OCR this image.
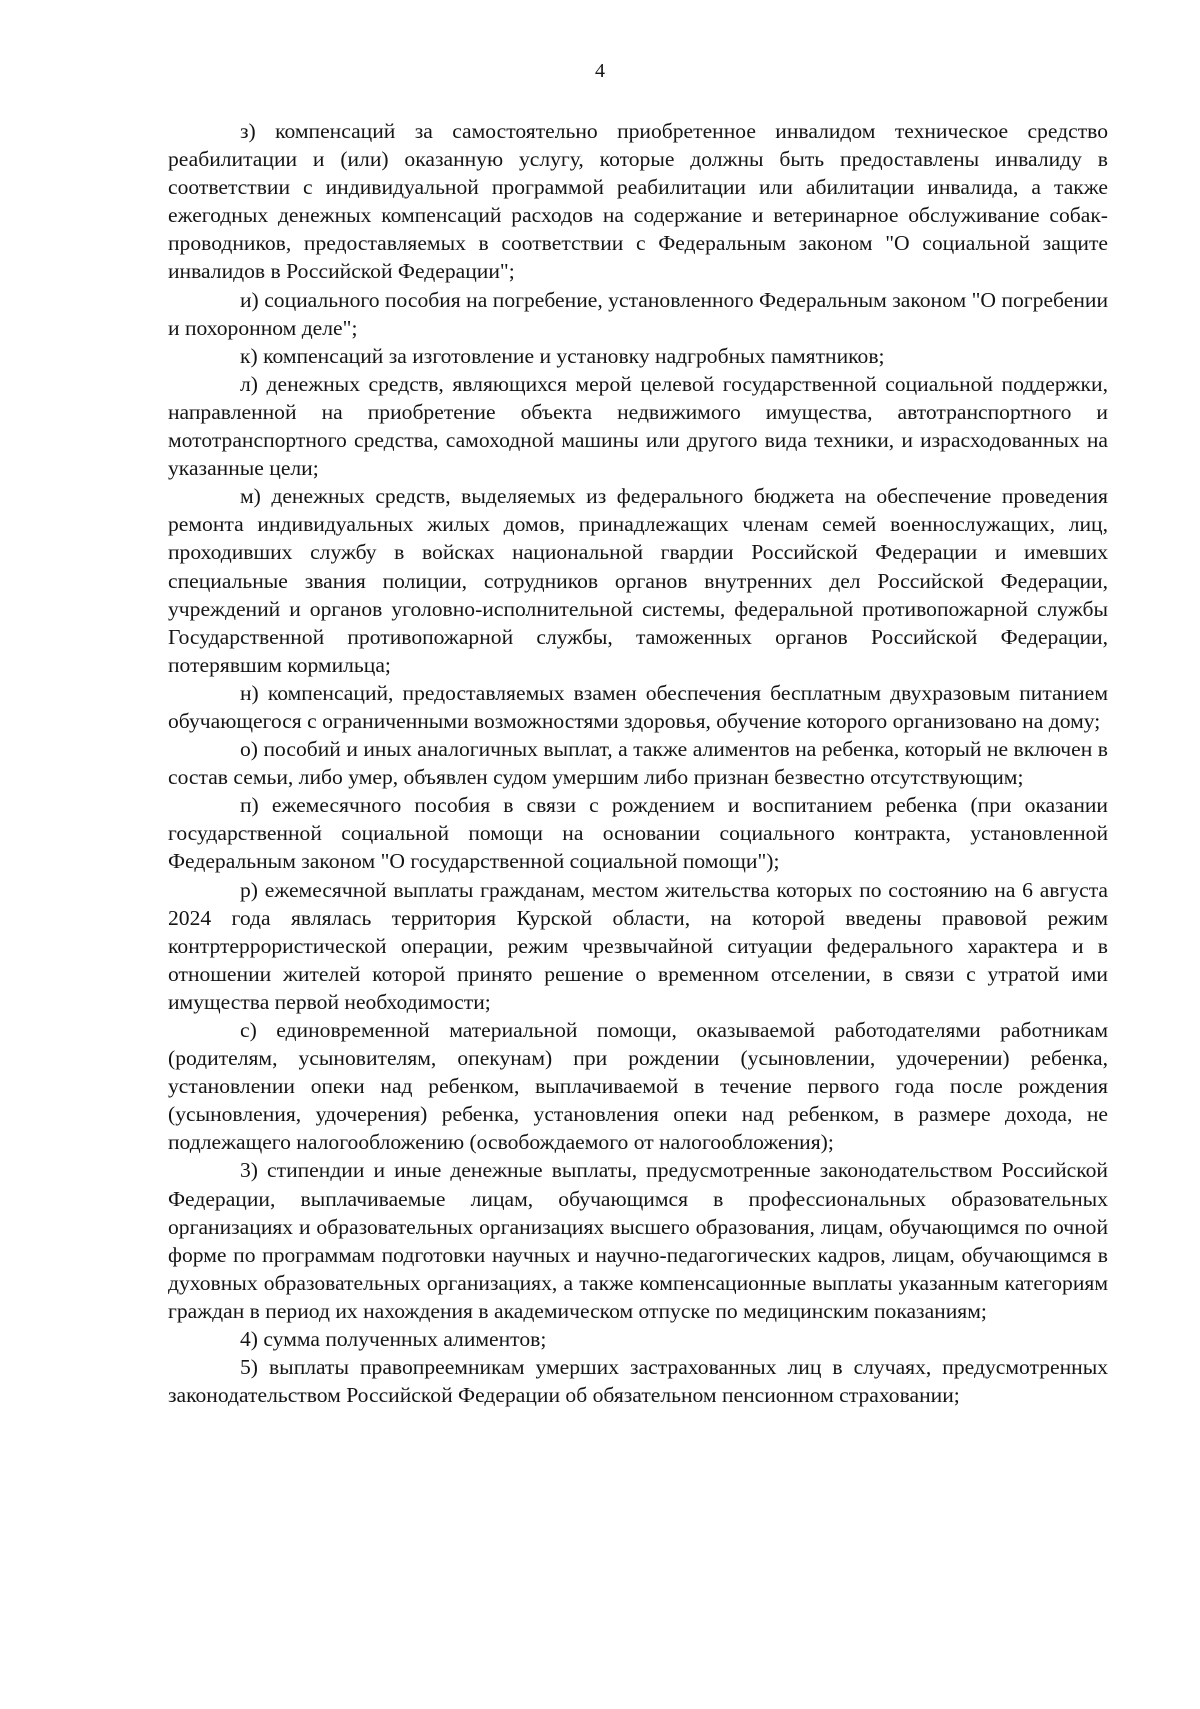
4

з) компенсаций за самостоятельно приобретенное инвалидом техническое средство реабилитации и (или) оказанную услугу, которые должны быть предоставлены инвалиду в соответствии с индивидуальной программой реабилитации или абилитации инвалида, а также ежегодных денежных компенсаций расходов на содержание и ветеринарное обслуживание собак-проводников, предоставляемых в соответствии с Федеральным законом "О социальной защите инвалидов в Российской Федерации";

и) социального пособия на погребение, установленного Федеральным законом "О погребении и похоронном деле";

к) компенсаций за изготовление и установку надгробных памятников;

л) денежных средств, являющихся мерой целевой государственной социальной поддержки, направленной на приобретение объекта недвижимого имущества, автотранспортного и мототранспортного средства, самоходной машины или другого вида техники, и израсходованных на указанные цели;

м) денежных средств, выделяемых из федерального бюджета на обеспечение проведения ремонта индивидуальных жилых домов, принадлежащих членам семей военнослужащих, лиц, проходивших службу в войсках национальной гвардии Российской Федерации и имевших специальные звания полиции, сотрудников органов внутренних дел Российской Федерации, учреждений и органов уголовно-исполнительной системы, федеральной противопожарной службы Государственной противопожарной службы, таможенных органов Российской Федерации, потерявшим кормильца;

н) компенсаций, предоставляемых взамен обеспечения бесплатным двухразовым питанием обучающегося с ограниченными возможностями здоровья, обучение которого организовано на дому;

о) пособий и иных аналогичных выплат, а также алиментов на ребенка, который не включен в состав семьи, либо умер, объявлен судом умершим либо признан безвестно отсутствующим;

п) ежемесячного пособия в связи с рождением и воспитанием ребенка (при оказании государственной социальной помощи на основании социального контракта, установленной Федеральным законом "О государственной социальной помощи");

р) ежемесячной выплаты гражданам, местом жительства которых по состоянию на 6 августа 2024 года являлась территория Курской области, на которой введены правовой режим контртеррористической операции, режим чрезвычайной ситуации федерального характера и в отношении жителей которой принято решение о временном отселении, в связи с утратой ими имущества первой необходимости;

с) единовременной материальной помощи, оказываемой работодателями работникам (родителям, усыновителям, опекунам) при рождении (усыновлении, удочерении) ребенка, установлении опеки над ребенком, выплачиваемой в течение первого года после рождения (усыновления, удочерения) ребенка, установления опеки над ребенком, в размере дохода, не подлежащего налогообложению (освобождаемого от налогообложения);

3) стипендии и иные денежные выплаты, предусмотренные законодательством Российской Федерации, выплачиваемые лицам, обучающимся в профессиональных образовательных организациях и образовательных организациях высшего образования, лицам, обучающимся по очной форме по программам подготовки научных и научно-педагогических кадров, лицам, обучающимся в духовных образовательных организациях, а также компенсационные выплаты указанным категориям граждан в период их нахождения в академическом отпуске по медицинским показаниям;

4) сумма полученных алиментов;

5) выплаты правопреемникам умерших застрахованных лиц в случаях, предусмотренных законодательством Российской Федерации об обязательном пенсионном страховании;
